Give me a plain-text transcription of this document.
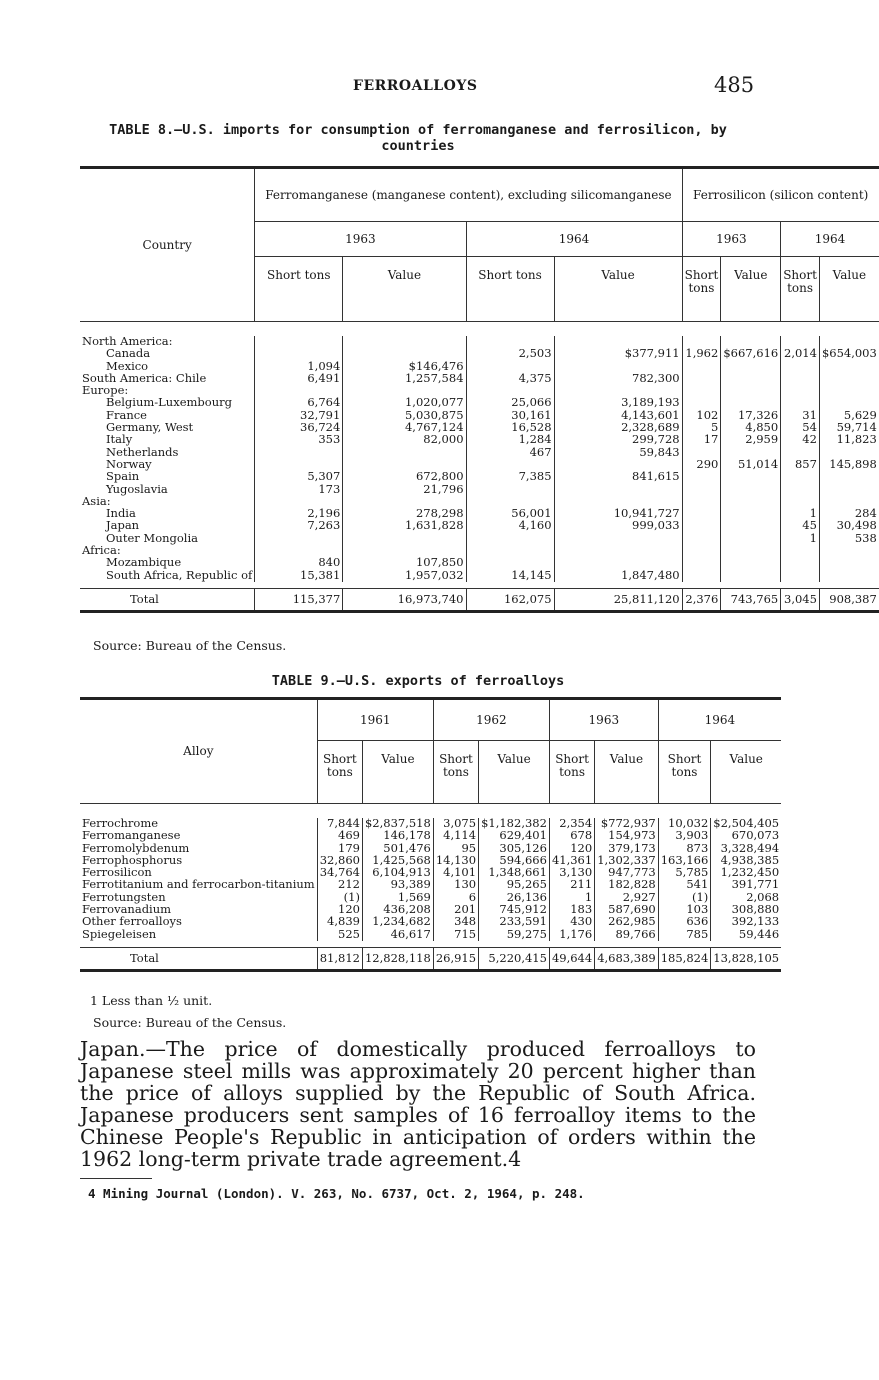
FERROALLOYS	485
TABLE 8.—U.S. imports for consumption of ferromanganese and ferrosilicon, by countries
Country	Ferromanganese (manganese content), excluding silicomanganese				Ferrosilicon (silicon content)			
	1963		1964		1963		1964	
	Short tons	Value	Short tons	Value	Short tons	Value	Short tons	Value

North America:								
Canada			2,503	$377,911	1,962	$667,616	2,014	$654,003
Mexico	1,094	$146,476						
South America: Chile	6,491	1,257,584	4,375	782,300				
Europe:								
Belgium-Luxembourg	6,764	1,020,077	25,066	3,189,193				
France	32,791	5,030,875	30,161	4,143,601	102	17,326	31	5,629
Germany, West	36,724	4,767,124	16,528	2,328,689	5	4,850	54	59,714
Italy	353	82,000	1,284	299,728	17	2,959	42	11,823
Netherlands			467	59,843				
Norway					290	51,014	857	145,898
Spain	5,307	672,800	7,385	841,615				
Yugoslavia	173	21,796						
Asia:								
India	2,196	278,298	56,001	10,941,727			1	284
Japan	7,263	1,631,828	4,160	999,033			45	30,498
Outer Mongolia							1	538
Africa:								
Mozambique	840	107,850						
South Africa, Republic of	15,381	1,957,032	14,145	1,847,480				

Total	115,377	16,973,740	162,075	25,811,120	2,376	743,765	3,045	908,387
Source: Bureau of the Census.
TABLE 9.—U.S. exports of ferroalloys
Alloy	1961		1962		1963		1964	
	Short tons	Value	Short tons	Value	Short tons	Value	Short tons	Value

Ferrochrome	7,844	$2,837,518	3,075	$1,182,382	2,354	$772,937	10,032	$2,504,405
Ferromanganese	469	146,178	4,114	629,401	678	154,973	3,903	670,073
Ferromolybdenum	179	501,476	95	305,126	120	379,173	873	3,328,494
Ferrophosphorus	32,860	1,425,568	14,130	594,666	41,361	1,302,337	163,166	4,938,385
Ferrosilicon	34,764	6,104,913	4,101	1,348,661	3,130	947,773	5,785	1,232,450
Ferrotitanium and ferrocarbon-titanium	212	93,389	130	95,265	211	182,828	541	391,771
Ferrotungsten	(1)	1,569	6	26,136	1	2,927	(1)	2,068
Ferrovanadium	120	436,208	201	745,912	183	587,690	103	308,880
Other ferroalloys	4,839	1,234,682	348	233,591	430	262,985	636	392,133
Spiegeleisen	525	46,617	715	59,275	1,176	89,766	785	59,446

Total	81,812	12,828,118	26,915	5,220,415	49,644	4,683,389	185,824	13,828,105
1 Less than ½ unit.
Source: Bureau of the Census.
Japan.—The price of domestically produced ferroalloys to Japanese steel mills was approximately 20 percent higher than the price of alloys supplied by the Republic of South Africa. Japanese producers sent samples of 16 ferroalloy items to the Chinese People's Republic in anticipation of orders within the 1962 long-term private trade agreement.4
4 Mining Journal (London). V. 263, No. 6737, Oct. 2, 1964, p. 248.
